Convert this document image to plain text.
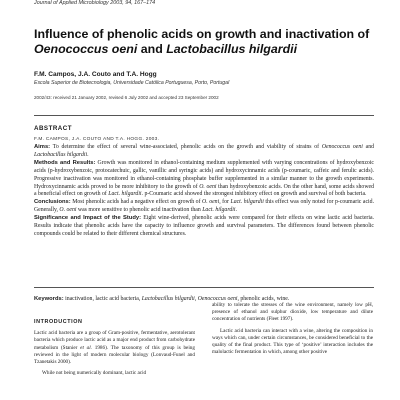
Journal of Applied Microbiology 2003, 94, 167–174
Influence of phenolic acids on growth and inactivation of Oenococcus oeni and Lactobacillus hilgardii
F.M. Campos, J.A. Couto and T.A. Hogg
Escola Superior de Biotecnologia, Universidade Católica Portuguesa, Porto, Portugal
2002/43: received 21 January 2002, revised 6 July 2002 and accepted 23 September 2002
ABSTRACT
F.M. CAMPOS, J.A. COUTO AND T.A. HOGG. 2003.

Aims: To determine the effect of several wine-associated, phenolic acids on the growth and viability of strains of Oenococcus oeni and Lactobacillus hilgardii.

Methods and Results: Growth was monitored in ethanol-containing medium supplemented with varying concentrations of hydroxybenzoic acids (p-hydroxybenzoic, protocatechuic, gallic, vanillic and syringic acids) and hydroxycinnamic acids (p-coumaric, caffeic and ferulic acids). Progressive inactivation was monitored in ethanol-containing phosphate buffer supplemented in a similar manner to the growth experiments. Hydroxycinnamic acids proved to be more inhibitory to the growth of O. oeni than hydroxybenzoic acids. On the other hand, some acids showed a beneficial effect on growth of Lact. hilgardii. p-Coumaric acid showed the strongest inhibitory effect on growth and survival of both bacteria.

Conclusions: Most phenolic acids had a negative effect on growth of O. oeni, for Lact. hilgardii this effect was only noted for p-coumaric acid. Generally, O. oeni was more sensitive to phenolic acid inactivation than Lact. hilgardii.

Significance and Impact of the Study: Eight wine-derived, phenolic acids were compared for their effects on wine lactic acid bacteria. Results indicate that phenolic acids have the capacity to influence growth and survival parameters. The differences found between phenolic compounds could be related to their different chemical structures.

Keywords: inactivation, lactic acid bacteria, Lactobacillus hilgardii, Oenococcus oeni, phenolic acids, wine.
INTRODUCTION

Lactic acid bacteria are a group of Gram-positive, fermentative, aerotolerant bacteria which produce lactic acid as a major end product from carbohydrate metabolism (Stanier et al. 1986). The taxonomy of this group is being reviewed in the light of modern molecular biology (Lonvaud-Funel and Tzanetakis 2000).

While not being numerically dominant, lactic acid

ability to tolerate the stresses of the wine environment, namely low pH, presence of ethanol and sulphur dioxide, low temperature and dilute concentration of nutrients (Fleet 1997).

Lactic acid bacteria can interact with a wine, altering the composition in ways which can, under certain circumstances, be considered beneficial to the quality of the final product. This type of ‘positive’ interaction includes the malolactic fermentation in which, among other positive
